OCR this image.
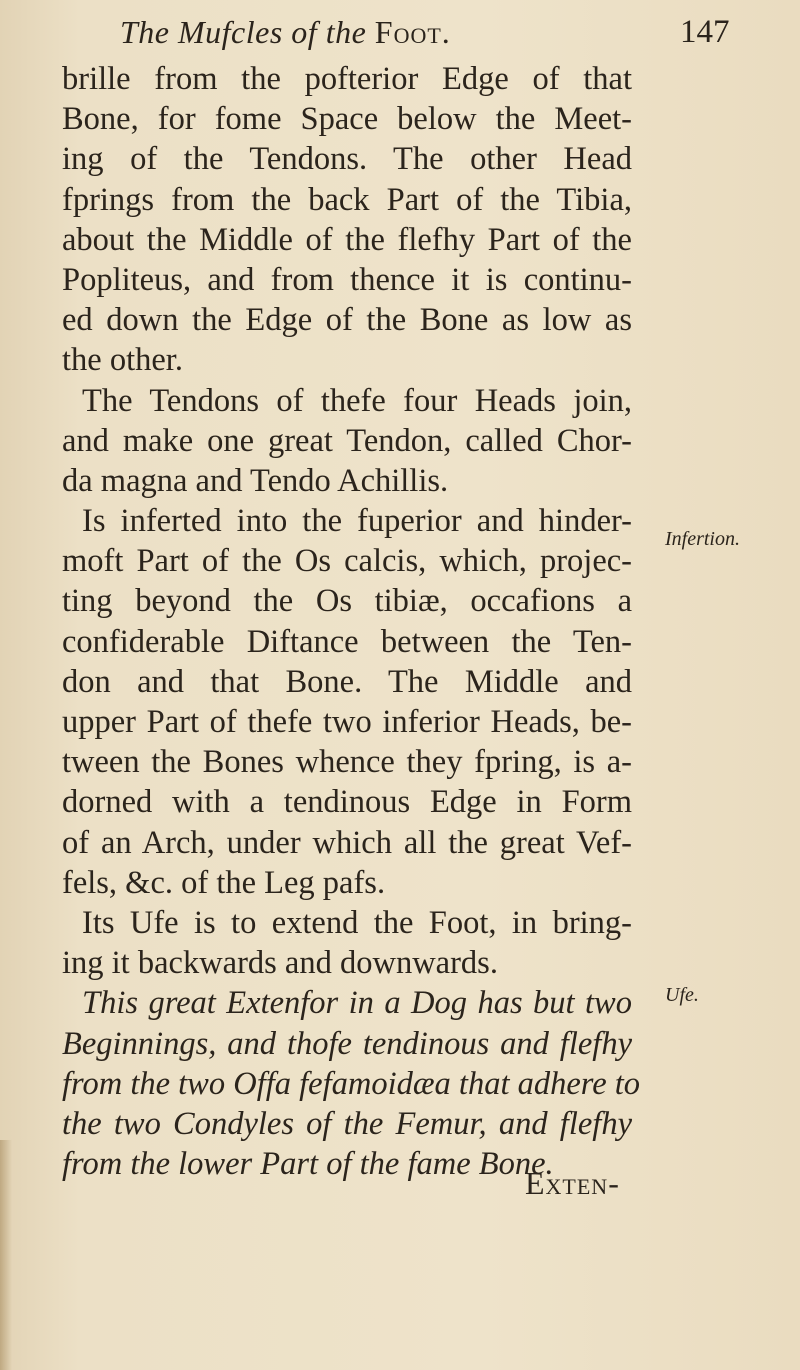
The Mufcles of the Foot.	147
brille from the pofterior Edge of that
Bone, for fome Space below the Meet-
ing of the Tendons. The other Head
fprings from the back Part of the Tibia,
about the Middle of the flefhy Part of the
Popliteus, and from thence it is continu-
ed down the Edge of the Bone as low as
the other.
The Tendons of thefe four Heads join,
and make one great Tendon, called Chor-
da magna and Tendo Achillis.
Is inferted into the fuperior and hinder-
moft Part of the Os calcis, which, projec-
ting beyond the Os tibiæ, occafions a
confiderable Diftance between the Ten-
don and that Bone. The Middle and
upper Part of thefe two inferior Heads, be-
tween the Bones whence they fpring, is a-
dorned with a tendinous Edge in Form
of an Arch, under which all the great Vef-
fels, &c. of the Leg pafs.
Its Ufe is to extend the Foot, in bring-
ing it backwards and downwards.
This great Extenfor in a Dog has but two
Beginnings, and thofe tendinous and flefhy
from the two Offa fefamoidæa that adhere to
the two Condyles of the Femur, and flefhy
from the lower Part of the fame Bone.
Infertion.
Ufe.
Exten-
